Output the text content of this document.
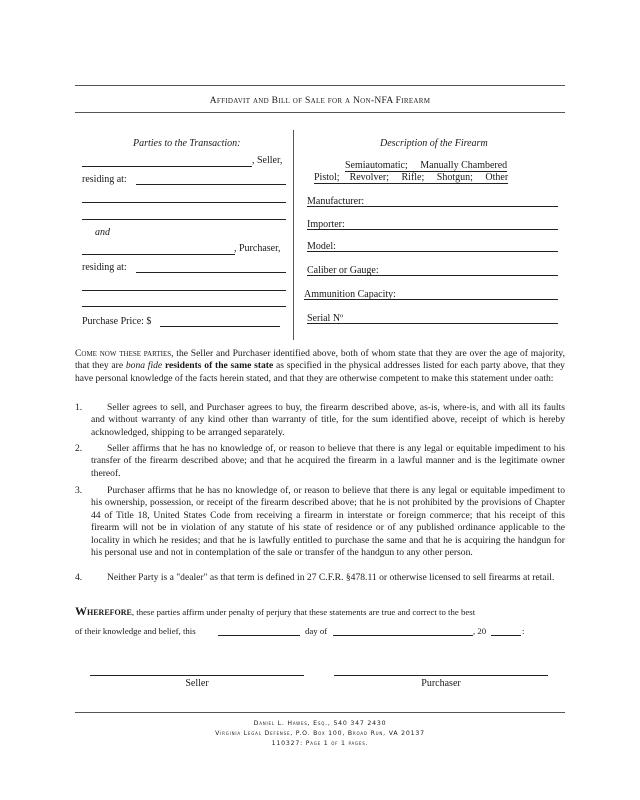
Affidavit and Bill of Sale for a Non-NFA Firearm
Parties to the Transaction:
, Seller,
residing at:
and
, Purchaser,
residing at:
Purchase Price: $
Description of the Firearm
Semiautomatic;     Manually Chambered
Pistol;    Revolver;     Rifle;     Shotgun;     Other
Manufacturer:
Importer:
Model:
Caliber or Gauge:
Ammunition Capacity:
Serial Nº
Come now these parties, the Seller and Purchaser identified above, both of whom state that they are over the age of majority, that they are bona fide residents of the same state as specified in the physical addresses listed for each party above, that they have personal knowledge of the facts herein stated, and that they are otherwise competent to make this statement under oath:
1.	Seller agrees to sell, and Purchaser agrees to buy, the firearm described above, as-is, where-is, and with all its faults and without warranty of any kind other than warranty of title, for the sum identified above, receipt of which is hereby acknowledged, shipping to be arranged separately.
2.	Seller affirms that he has no knowledge of, or reason to believe that there is any legal or equitable impediment to his transfer of the firearm described above; and that he acquired the firearm in a lawful manner and is the legitimate owner thereof.
3.	Purchaser affirms that he has no knowledge of, or reason to believe that there is any legal or equitable impediment to his ownership, possession, or receipt of the firearm described above; that he is not prohibited by the provisions of Chapter 44 of Title 18, United States Code from receiving a firearm in interstate or foreign commerce; that his receipt of this firearm will not be in violation of any statute of his state of residence or of any published ordinance applicable to the locality in which he resides; and that he is lawfully entitled to purchase the same and that he is acquiring the handgun for his personal use and not in contemplation of the sale or transfer of the handgun to any other person.
4.	Neither Party is a "dealer" as that term is defined in 27 C.F.R. §478.11 or otherwise licensed to sell firearms at retail.
Wherefore, these parties affirm under penalty of perjury that these statements are true and correct to the best
of their knowledge and belief, this	day of	, 20	:
Seller	Purchaser
Daniel L. Hawes, Esq., 540 347 2430
Virginia Legal Defense, P.O. Box 100, Broad Run, VA 20137
110327: Page 1 of 1 pages.
